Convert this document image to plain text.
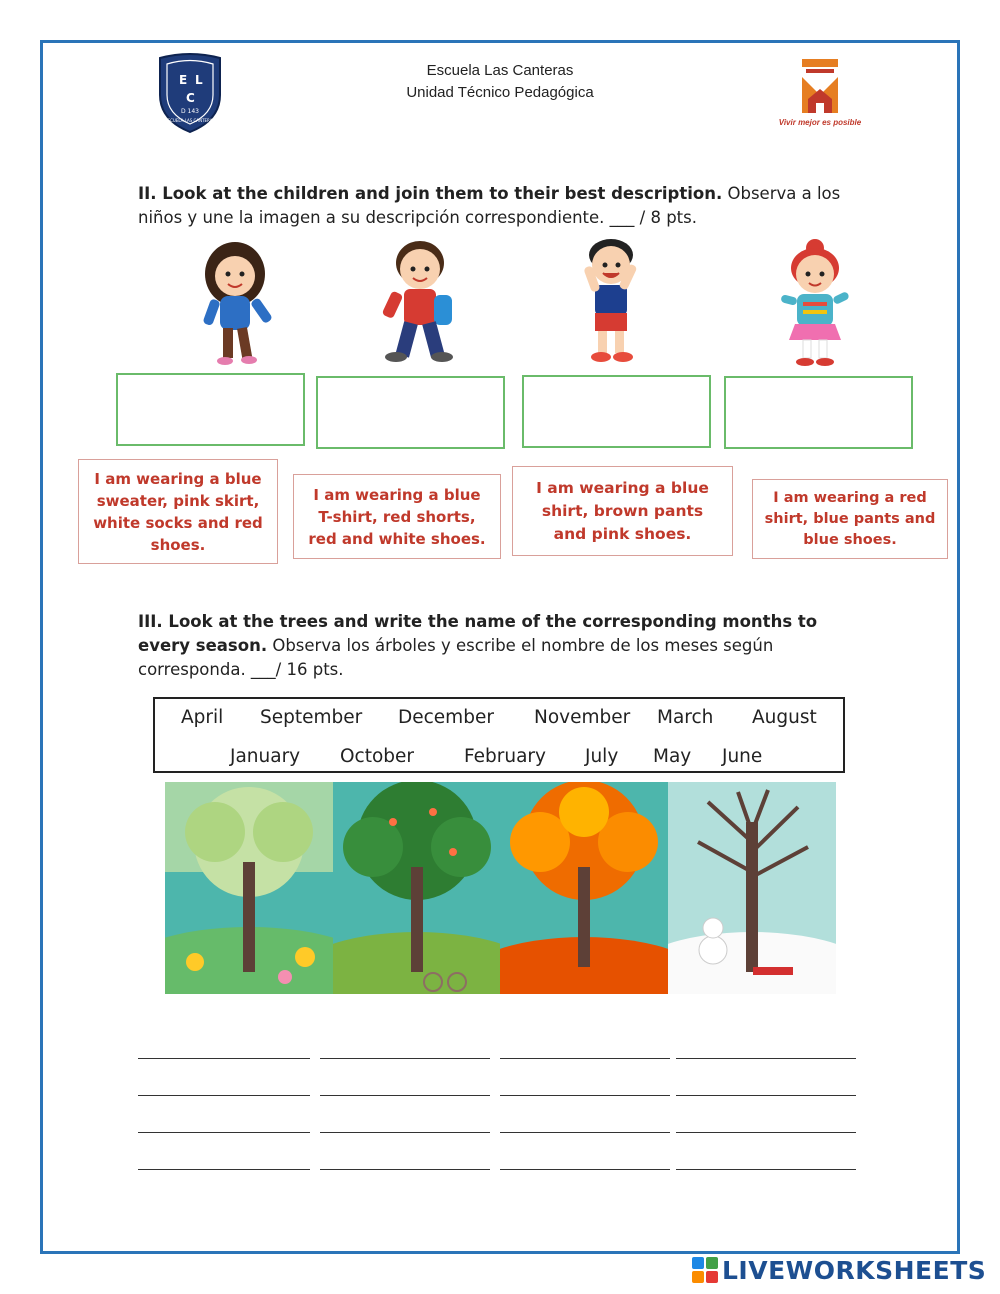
E L
C
D 143
ESCUELA LAS CANTERAS
Escuela Las Canteras
Unidad Técnico Pedagógica
Vivir mejor es posible
II. Look at the children and join them to their best description. Observa a los niños y une la imagen a su descripción correspondiente. ___ / 8 pts.
I am wearing a blue sweater, pink skirt, white socks and red shoes.
I am wearing a blue T-shirt, red shorts, red and white shoes.
I am wearing a blue shirt, brown pants and pink shoes.
I am wearing a red shirt, blue pants and blue shoes.
III. Look at the trees and write the name of the corresponding months to every season. Observa los árboles y escribe el nombre de los meses según corresponda. ___/ 16 pts.
April September December November March August
January October	February July May June
LIVEWORKSHEETS
